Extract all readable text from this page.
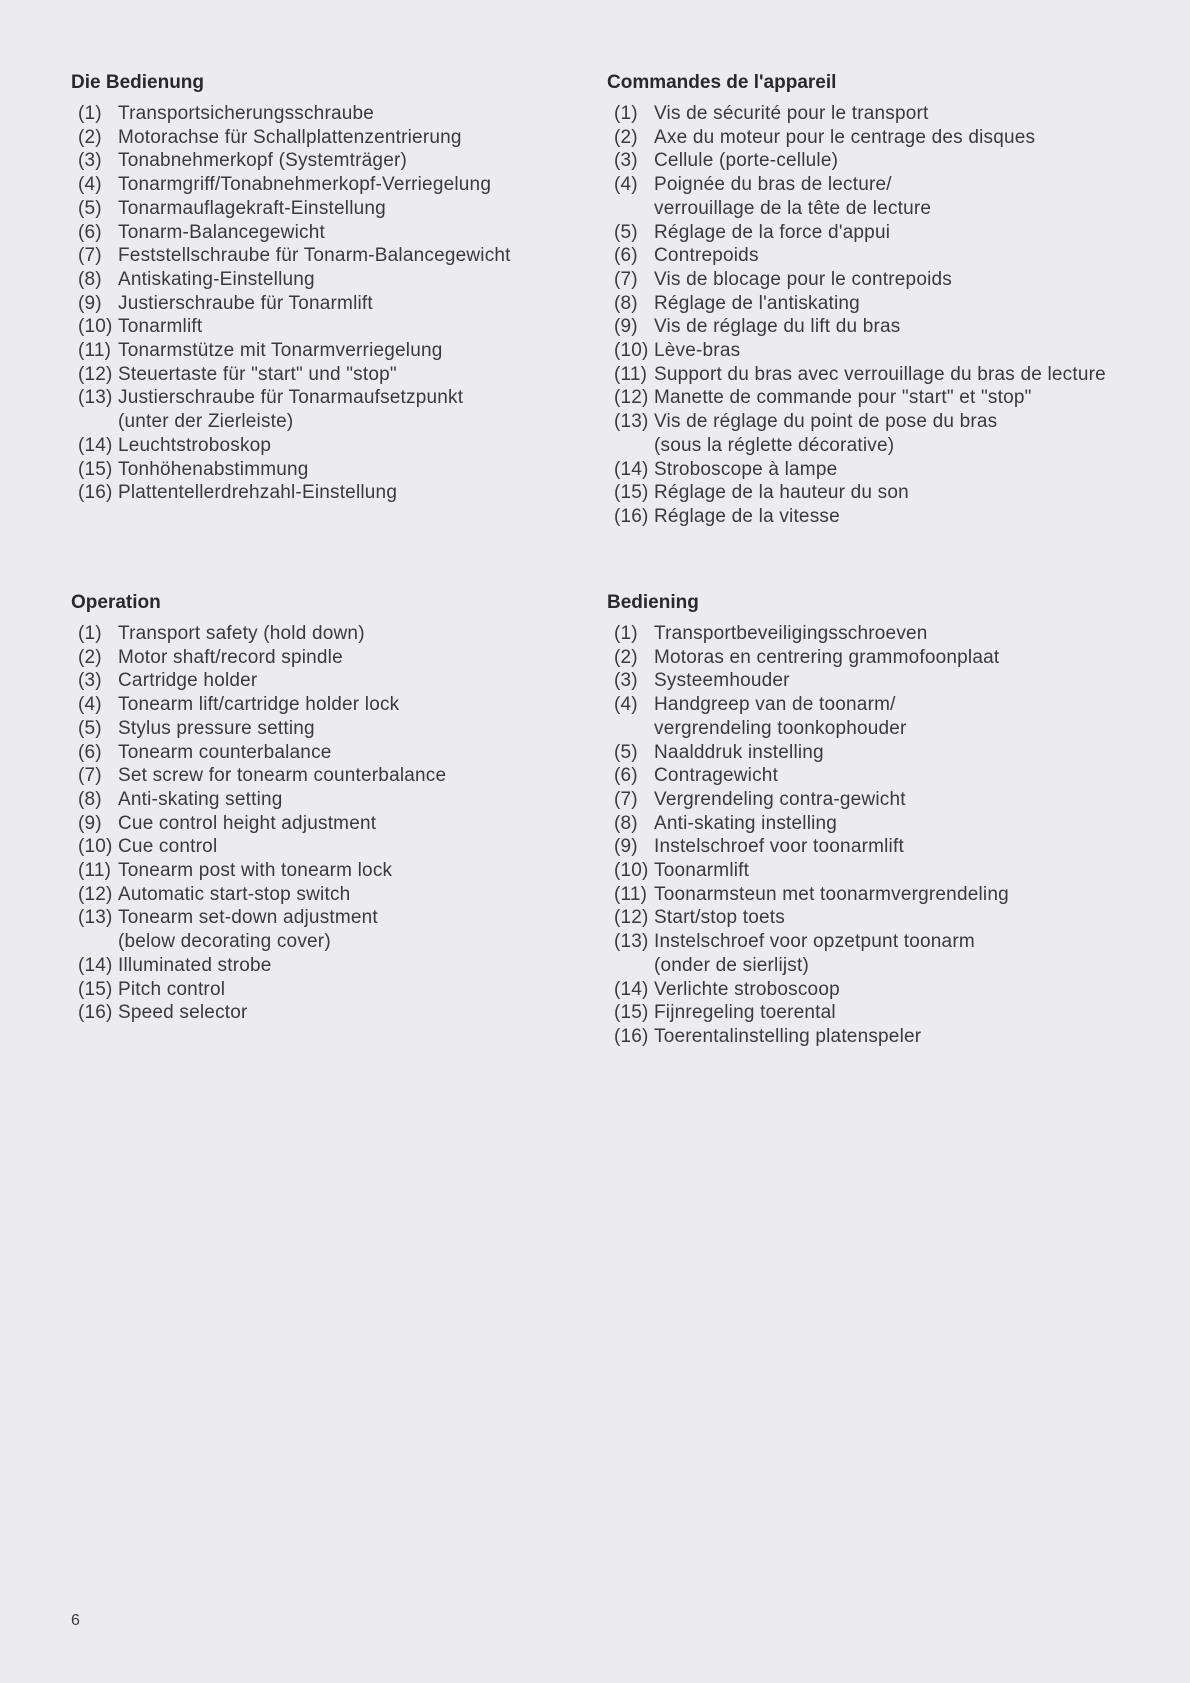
Die Bedienung
(1) Transportsicherungsschraube
(2) Motorachse für Schallplattenzentrierung
(3) Tonabnehmerkopf (Systemträger)
(4) Tonarmgriff/Tonabnehmerkopf-Verriegelung
(5) Tonarmauflagekraft-Einstellung
(6) Tonarm-Balancegewicht
(7) Feststellschraube für Tonarm-Balancegewicht
(8) Antiskating-Einstellung
(9) Justierschraube für Tonarmlift
(10) Tonarmlift
(11) Tonarmstütze mit Tonarmverriegelung
(12) Steuertaste für "start" und "stop"
(13) Justierschraube für Tonarmaufsetzpunkt
(unter der Zierleiste)
(14) Leuchtstroboskop
(15) Tonhöhenabstimmung
(16) Plattentellerdrehzahl-Einstellung
Commandes de l'appareil
(1) Vis de sécurité pour le transport
(2) Axe du moteur pour le centrage des disques
(3) Cellule (porte-cellule)
(4) Poignée du bras de lecture/
verrouillage de la tête de lecture
(5) Réglage de la force d'appui
(6) Contrepoids
(7) Vis de blocage pour le contrepoids
(8) Réglage de l'antiskating
(9) Vis de réglage du lift du bras
(10) Lève-bras
(11) Support du bras avec verrouillage du bras de lecture
(12) Manette de commande pour "start" et "stop"
(13) Vis de réglage du point de pose du bras
(sous la réglette décorative)
(14) Stroboscope à lampe
(15) Réglage de la hauteur du son
(16) Réglage de la vitesse
Operation
(1) Transport safety (hold down)
(2) Motor shaft/record spindle
(3) Cartridge holder
(4) Tonearm lift/cartridge holder lock
(5) Stylus pressure setting
(6) Tonearm counterbalance
(7) Set screw for tonearm counterbalance
(8) Anti-skating setting
(9) Cue control height adjustment
(10) Cue control
(11) Tonearm post with tonearm lock
(12) Automatic start-stop switch
(13) Tonearm set-down adjustment
(below decorating cover)
(14) Illuminated strobe
(15) Pitch control
(16) Speed selector
Bediening
(1) Transportbeveiligingsschroeven
(2) Motoras en centrering grammofoonplaat
(3) Systeemhouder
(4) Handgreep van de toonarm/
vergrendeling toonkophouder
(5) Naalddruk instelling
(6) Contragewicht
(7) Vergrendeling contra-gewicht
(8) Anti-skating instelling
(9) Instelschroef voor toonarmlift
(10) Toonarmlift
(11) Toonarmsteun met toonarmvergrendeling
(12) Start/stop toets
(13) Instelschroef voor opzetpunt toonarm
(onder de sierlijst)
(14) Verlichte stroboscoop
(15) Fijnregeling toerental
(16) Toerentalinstelling platenspeler
6
